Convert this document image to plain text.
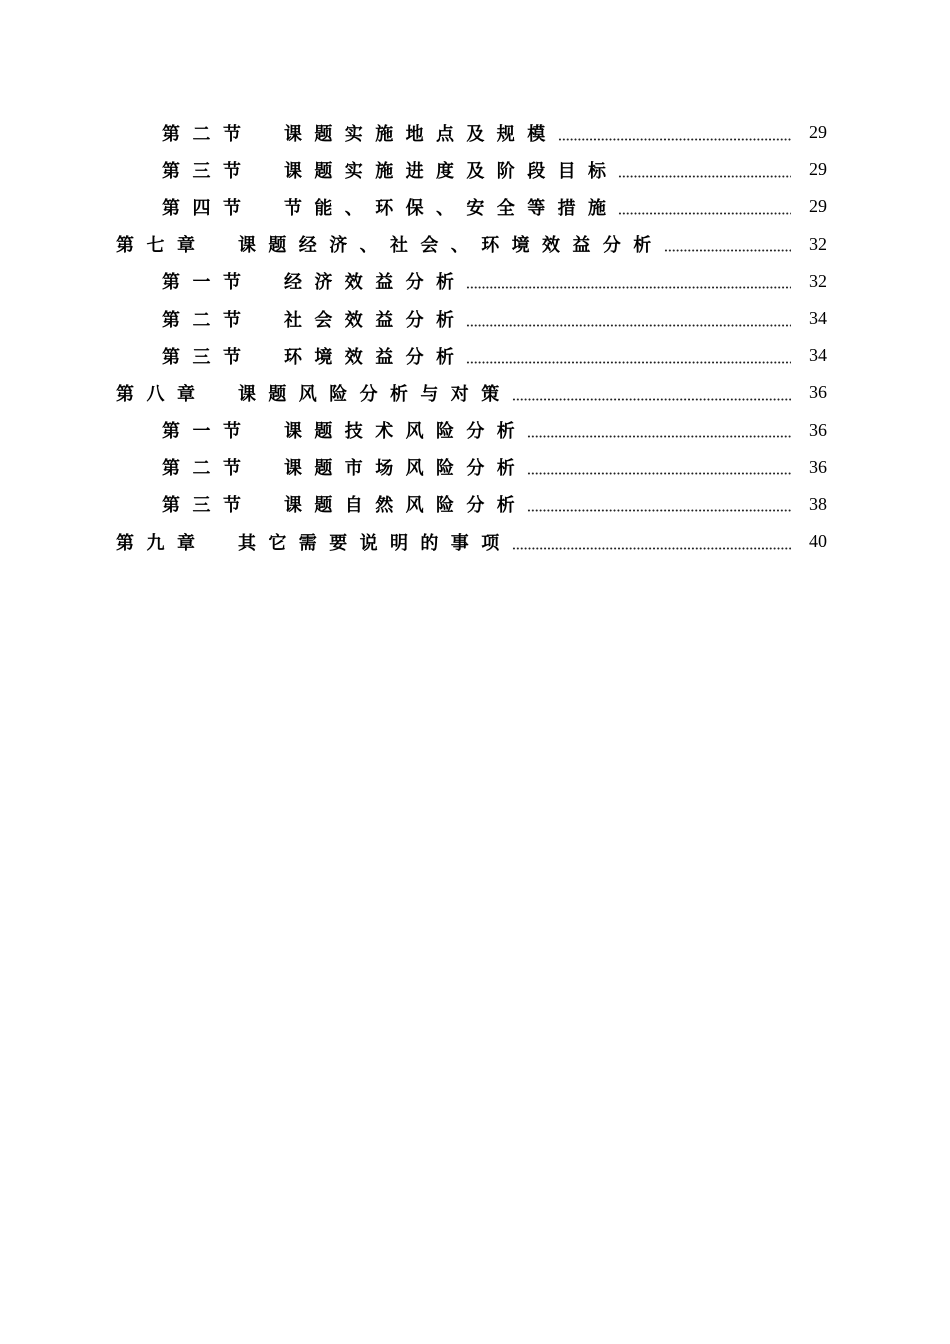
第二节	课题实施地点及规模	29
第三节	课题实施进度及阶段目标	29
第四节	节能、环保、安全等措施	29
第七章	课题经济、社会、环境效益分析	32
第一节	经济效益分析	32
第二节	社会效益分析	34
第三节	环境效益分析	34
第八章	课题风险分析与对策	36
第一节	课题技术风险分析	36
第二节	课题市场风险分析	36
第三节	课题自然风险分析	38
第九章	其它需要说明的事项	40
